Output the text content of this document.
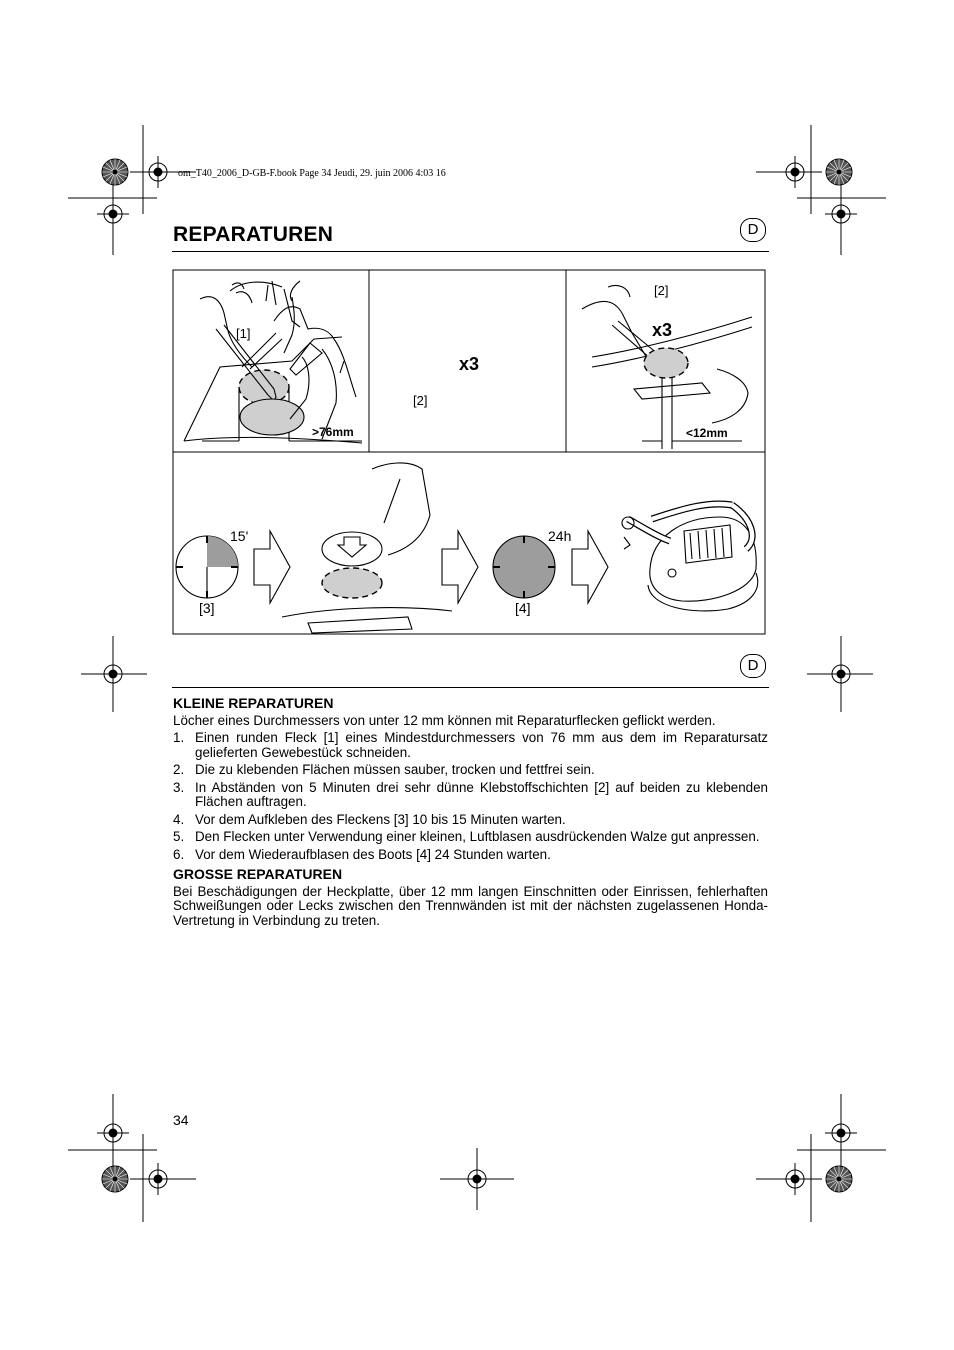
om_T40_2006_D-GB-F.book Page 34 Jeudi, 29. juin 2006 4:03 16
REPARATUREN	D
[1]
>76mm
x3
[2]
[2]
x3
<12mm
15'
[3]
24h
[4]
D
KLEINE REPARATUREN

Löcher eines Durchmessers von unter 12 mm können mit Reparaturflecken geflickt werden.

1. Einen runden Fleck [1] eines Mindestdurchmessers von 76 mm aus dem im Reparatursatz gelieferten Gewebestück schneiden.
2. Die zu klebenden Flächen müssen sauber, trocken und fettfrei sein.
3. In Abständen von 5 Minuten drei sehr dünne Klebstoffschichten [2] auf beiden zu klebenden Flächen auftragen.
4. Vor dem Aufkleben des Fleckens [3] 10 bis 15 Minuten warten.
5. Den Flecken unter Verwendung einer kleinen, Luftblasen ausdrückenden Walze gut anpressen.
6. Vor dem Wiederaufblasen des Boots [4] 24 Stunden warten.
GROSSE REPARATUREN

Bei Beschädigungen der Heckplatte, über 12 mm langen Einschnitten oder Einrissen, fehlerhaften Schweißungen oder Lecks zwischen den Trennwänden ist mit der nächsten zugelassenen Honda-Vertretung in Verbindung zu treten.

34
